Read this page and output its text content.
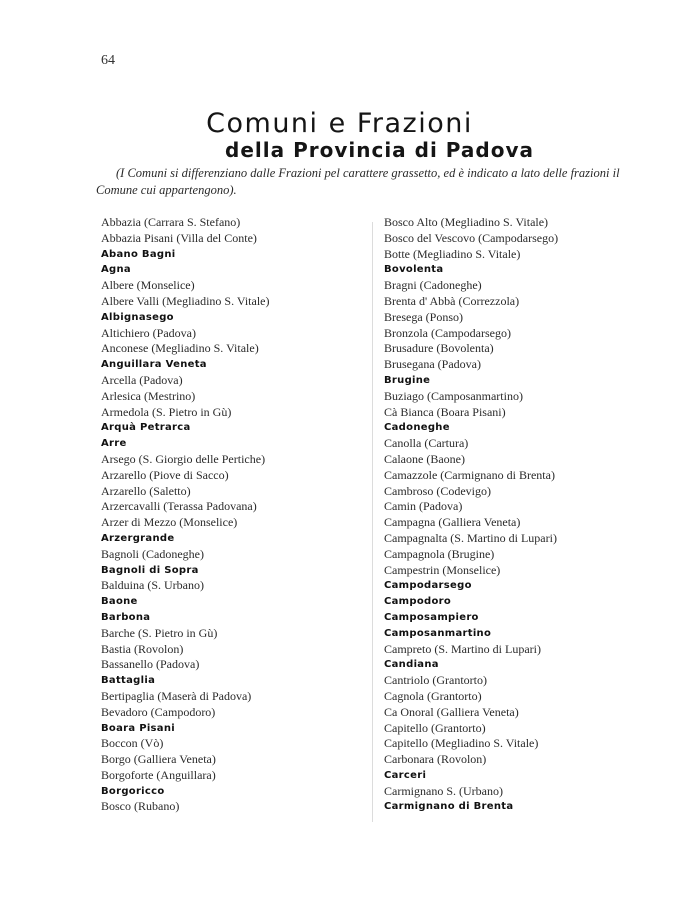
64
Comuni e Frazioni
della Provincia di Padova

(I Comuni si differenziano dalle Frazioni pel carattere grassetto, ed è indicato a lato delle frazioni il Comune cui appartengono).

Abbazia (Carrara S. Stefano)
Abbazia Pisani (Villa del Conte)
Abano Bagni
Agna
Albere (Monselice)
Albere Valli (Megliadino S. Vitale)
Albignasego
Altichiero (Padova)
Anconese (Megliadino S. Vitale)
Anguillara Veneta
Arcella (Padova)
Arlesica (Mestrino)
Armedola (S. Pietro in Gù)
Arquà Petrarca
Arre
Arsego (S. Giorgio delle Pertiche)
Arzarello (Piove di Sacco)
Arzarello (Saletto)
Arzercavalli (Terassa Padovana)
Arzer di Mezzo (Monselice)
Arzergrande
Bagnoli (Cadoneghe)
Bagnoli di Sopra
Balduina (S. Urbano)
Baone
Barbona
Barche (S. Pietro in Gù)
Bastia (Rovolon)
Bassanello (Padova)
Battaglia
Bertipaglia (Maserà di Padova)
Bevadoro (Campodoro)
Boara Pisani
Boccon (Vò)
Borgo (Galliera Veneta)
Borgoforte (Anguillara)
Borgoricco
Bosco (Rubano)
Bosco Alto (Megliadino S. Vitale)
Bosco del Vescovo (Campodarsego)
Botte (Megliadino S. Vitale)
Bovolenta
Bragni (Cadoneghe)
Brenta d' Abbà (Correzzola)
Bresega (Ponso)
Bronzola (Campodarsego)
Brusadure (Bovolenta)
Brusegana (Padova)
Brugine
Buziago (Camposanmartino)
Cà Bianca (Boara Pisani)
Cadoneghe
Canolla (Cartura)
Calaone (Baone)
Camazzole (Carmignano di Brenta)
Cambroso (Codevigo)
Camin (Padova)
Campagna (Galliera Veneta)
Campagnalta (S. Martino di Lupari)
Campagnola (Brugine)
Campestrin (Monselice)
Campodarsego
Campodoro
Camposampiero
Camposanmartino
Campreto (S. Martino di Lupari)
Candiana
Cantriolo (Grantorto)
Cagnola (Grantorto)
Ca Onoral (Galliera Veneta)
Capitello (Grantorto)
Capitello (Megliadino S. Vitale)
Carbonara (Rovolon)
Carceri
Carmignano S. (Urbano)
Carmignano di Brenta
